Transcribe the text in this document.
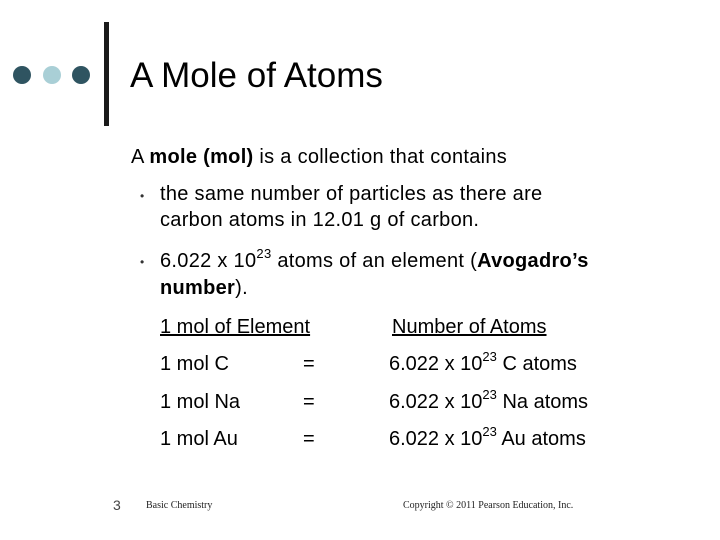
A Mole of Atoms
A mole (mol) is a collection that contains
• the same number of particles as there are
carbon atoms in 12.01 g of carbon.
• 6.022 x $10^{23}$ atoms of an element (Avogadro’s
number).
1 mol of Element	Number of Atoms
1 mol C	=	6.022 x $10^{23}$ C atoms
1 mol Na	=	6.022 x $10^{23}$ Na atoms
1 mol Au	=	6.022 x $10^{23}$ Au atoms
3	Basic Chemistry	Copyright © 2011 Pearson Education, Inc.
